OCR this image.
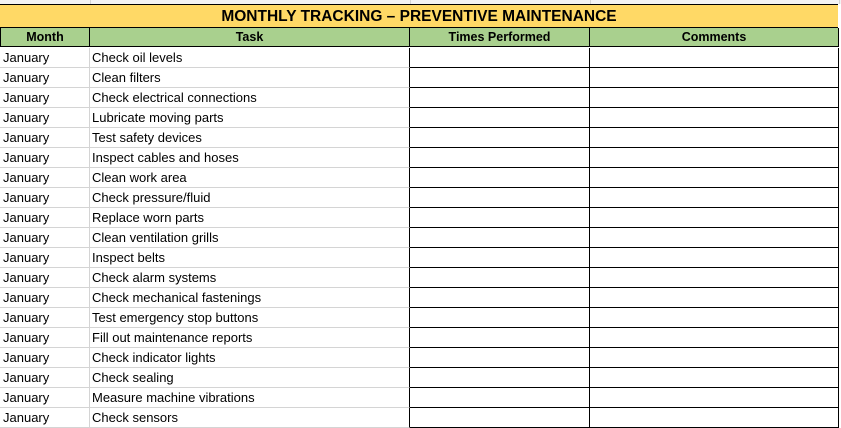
MONTHLY TRACKING – PREVENTIVE MAINTENANCE
Month	Task	Times Performed	Comments
January	Check oil levels
January	Clean filters
January	Check electrical connections
January	Lubricate moving parts
January	Test safety devices
January	Inspect cables and hoses
January	Clean work area
January	Check pressure/fluid
January	Replace worn parts
January	Clean ventilation grills
January	Inspect belts
January	Check alarm systems
January	Check mechanical fastenings
January	Test emergency stop buttons
January	Fill out maintenance reports
January	Check indicator lights
January	Check sealing
January	Measure machine vibrations
January	Check sensors
